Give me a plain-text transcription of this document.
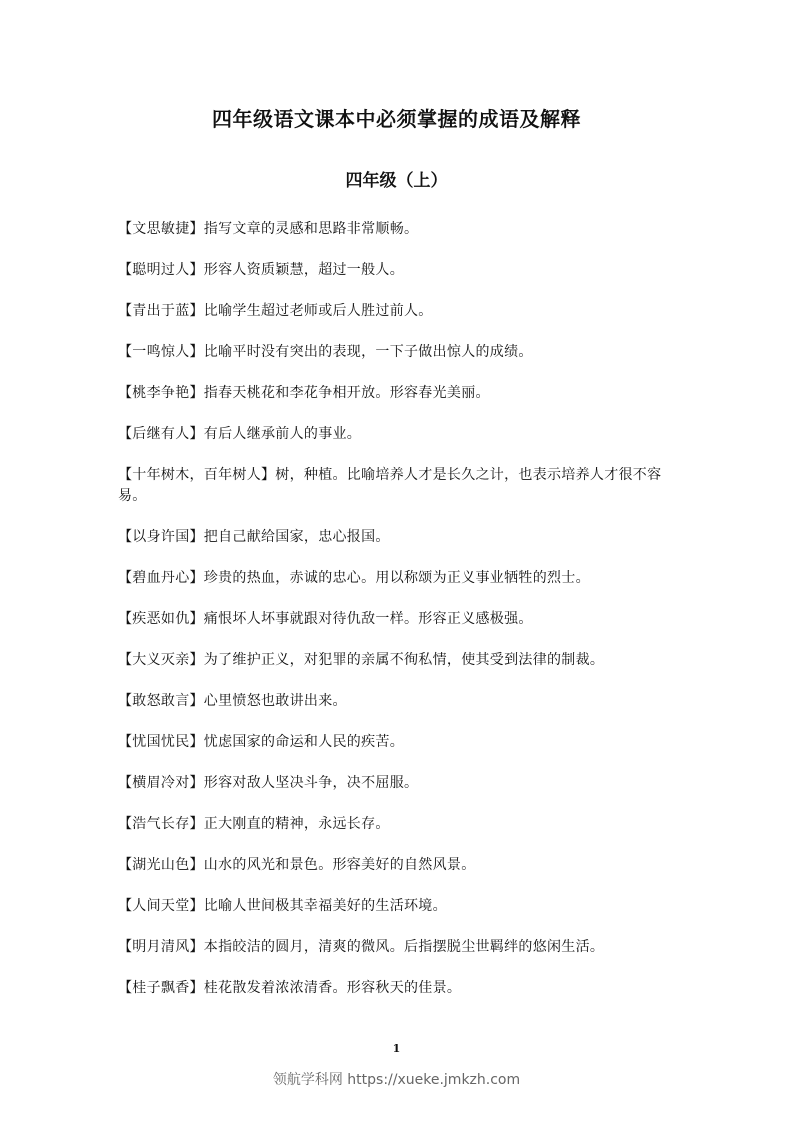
四年级语文课本中必须掌握的成语及解释
四年级（上）

【文思敏捷】指写文章的灵感和思路非常顺畅。

【聪明过人】形容人资质颖慧，超过一般人。

【青出于蓝】比喻学生超过老师或后人胜过前人。

【一鸣惊人】比喻平时没有突出的表现，一下子做出惊人的成绩。

【桃李争艳】指春天桃花和李花争相开放。形容春光美丽。

【后继有人】有后人继承前人的事业。

【十年树木，百年树人】树，种植。比喻培养人才是长久之计，也表示培养人才很不容易。

【以身许国】把自己献给国家，忠心报国。

【碧血丹心】珍贵的热血，赤诚的忠心。用以称颂为正义事业牺牲的烈士。

【疾恶如仇】痛恨坏人坏事就跟对待仇敌一样。形容正义感极强。

【大义灭亲】为了维护正义，对犯罪的亲属不徇私情，使其受到法律的制裁。

【敢怒敢言】心里愤怒也敢讲出来。

【忧国忧民】忧虑国家的命运和人民的疾苦。

【横眉冷对】形容对敌人坚决斗争，决不屈服。

【浩气长存】正大刚直的精神，永远长存。

【湖光山色】山水的风光和景色。形容美好的自然风景。

【人间天堂】比喻人世间极其幸福美好的生活环境。

【明月清风】本指皎洁的圆月，清爽的微风。后指摆脱尘世羁绊的悠闲生活。

【桂子飘香】桂花散发着浓浓清香。形容秋天的佳景。

1
领航学科网 https://xueke.jmkzh.com
